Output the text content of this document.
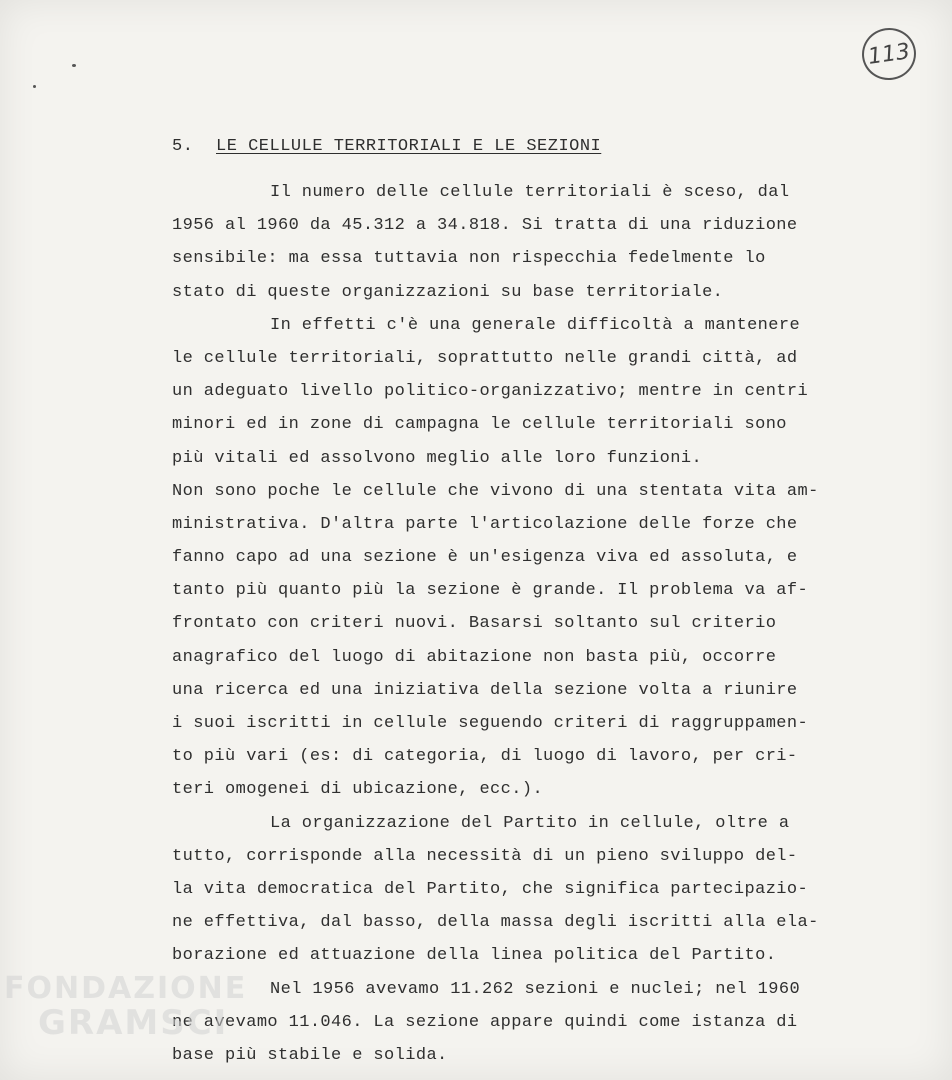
113
5. LE CELLULE TERRITORIALI E LE SEZIONI
Il numero delle cellule territoriali è sceso, dal
1956 al 1960 da 45.312 a 34.818. Si tratta di una riduzione
sensibile: ma essa tuttavia non rispecchia fedelmente lo
stato di queste organizzazioni su base territoriale.
In effetti c'è una generale difficoltà a mantenere
le cellule territoriali, soprattutto nelle grandi città, ad
un adeguato livello politico-organizzativo; mentre in centri
minori ed in zone di campagna le cellule territoriali sono
più vitali ed assolvono meglio alle loro funzioni.
Non sono poche le cellule che vivono di una stentata vita am-
ministrativa. D'altra parte l'articolazione delle forze che
fanno capo ad una sezione è un'esigenza viva ed assoluta, e
tanto più quanto più la sezione è grande. Il problema va af-
frontato con criteri nuovi. Basarsi soltanto sul criterio
anagrafico del luogo di abitazione non basta più, occorre
una ricerca ed una iniziativa della sezione volta a riunire
i suoi iscritti in cellule seguendo criteri di raggruppamen-
to più vari (es: di categoria, di luogo di lavoro, per cri-
teri omogenei di ubicazione, ecc.).
La organizzazione del Partito in cellule, oltre a
tutto, corrisponde alla necessità di un pieno sviluppo del-
la vita democratica del Partito, che significa partecipazio-
ne effettiva, dal basso, della massa degli iscritti alla ela-
borazione ed attuazione della linea politica del Partito.
Nel 1956 avevamo 11.262 sezioni e nuclei; nel 1960
ne avevamo 11.046. La sezione appare quindi come istanza di
base più stabile e solida.
FONDAZIONE
GRAMSCI
